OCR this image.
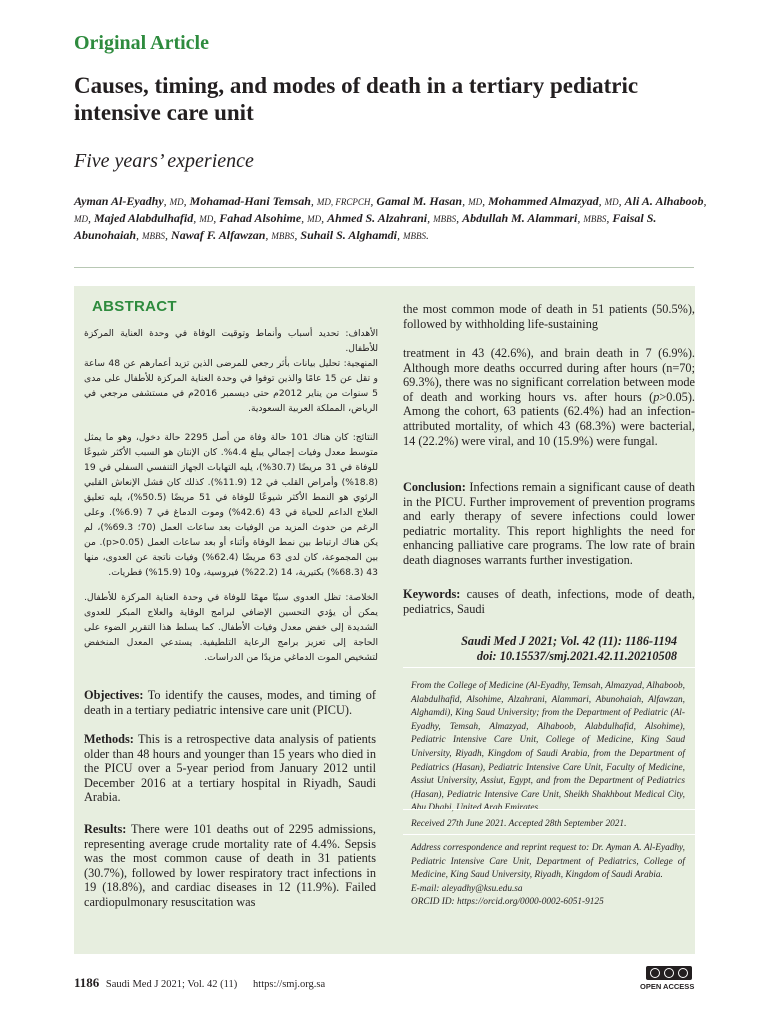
Original Article
Causes, timing, and modes of death in a tertiary pediatric intensive care unit
Five years’ experience
Ayman Al-Eyadhy, MD, Mohamad-Hani Temsah, MD, FRCPCH, Gamal M. Hasan, MD, Mohammed Almazyad, MD, Ali A. Alhaboob, MD, Majed Alabdulhafid, MD, Fahad Alsohime, MD, Ahmed S. Alzahrani, MBBS, Abdullah M. Alammari, MBBS, Faisal S. Abunohaiah, MBBS, Nawaf F. Alfawzan, MBBS, Suhail S. Alghamdi, MBBS.
ABSTRACT
الأهداف: تحديد أسباب وأنماط وتوقيت الوفاة في وحدة العناية المركزة للأطفال.
المنهجية: تحليل بيانات بأثر رجعي للمرضى الذين تزيد أعمارهم عن 48 ساعة و تقل عن 15 عامًا والذين توفوا في وحدة العناية المركزة للأطفال على مدى 5 سنوات من يناير 2012م حتى ديسمبر 2016م في مستشفى مرجعي في الرياض، المملكة العربية السعودية.
النتائج: كان هناك 101 حالة وفاة من أصل 2295 حالة دخول، وهو ما يمثل متوسط معدل وفيات إجمالي يبلغ 4.4%. كان الإنتان هو السبب الأكثر شيوعًا للوفاة في 31 مريضًا (30.7%)، يليه التهابات الجهاز التنفسي السفلي في 19 (18.8%) وأمراض القلب في 12 (11.9%). كذلك كان فشل الإنعاش القلبي الرئوي هو النمط الأكثر شيوعًا للوفاة في 51 مريضًا (50.5%)، يليه تعليق العلاج الداعم للحياة في 43 (42.6%) وموت الدماغ في 7 (6.9%). وعلى الرغم من حدوث المزيد من الوفيات بعد ساعات العمل (70؛ 69.3%)، لم يكن هناك ارتباط بين نمط الوفاة وأثناء أو بعد ساعات العمل (p>0.05). من بين المجموعة، كان لدى 63 مريضًا (62.4%) وفيات ناتجة عن العدوى، منها 43 (68.3%) بكتيرية، 14 (22.2%) فيروسية، و10 (15.9%) فطريات.
الخلاصة: تظل العدوى سببًا مهمًا للوفاة في وحدة العناية المركزة للأطفال. يمكن أن يؤدي التحسين الإضافي لبرامج الوقاية والعلاج المبكر للعدوى الشديدة إلى خفض معدل وفيات الأطفال. كما يسلط هذا التقرير الضوء على الحاجة إلى تعزيز برامج الرعاية التلطيفية. يستدعي المعدل المنخفض لتشخيص الموت الدماغي مزيدًا من الدراسات.
Objectives: To identify the causes, modes, and timing of death in a tertiary pediatric intensive care unit (PICU).
Methods: This is a retrospective data analysis of patients older than 48 hours and younger than 15 years who died in the PICU over a 5-year period from January 2012 until December 2016 at a tertiary hospital in Riyadh, Saudi Arabia.
Results: There were 101 deaths out of 2295 admissions, representing average crude mortality rate of 4.4%. Sepsis was the most common cause of death in 31 patients (30.7%), followed by lower respiratory tract infections in 19 (18.8%), and cardiac diseases in 12 (11.9%). Failed cardiopulmonary resuscitation was
the most common mode of death in 51 patients (50.5%), followed by withholding life-sustaining
treatment in 43 (42.6%), and brain death in 7 (6.9%). Although more deaths occurred during after hours (n=70; 69.3%), there was no significant correlation between mode of death and working hours vs. after hours (p>0.05). Among the cohort, 63 patients (62.4%) had an infection-attributed mortality, of which 43 (68.3%) were bacterial, 14 (22.2%) were viral, and 10 (15.9%) were fungal.
Conclusion: Infections remain a significant cause of death in the PICU. Further improvement of prevention programs and early therapy of severe infections could lower pediatric mortality. This report highlights the need for enhancing palliative care programs. The low rate of brain death diagnoses warrants further investigation.
Keywords: causes of death, infections, mode of death, pediatrics, Saudi
Saudi Med J 2021; Vol. 42 (11): 1186-1194
doi: 10.15537/smj.2021.42.11.20210508
From the College of Medicine (Al-Eyadhy, Temsah, Almazyad, Alhaboob, Alabdulhafid, Alsohime, Alzahrani, Alammari, Abunohaiah, Alfawzan, Alghamdi), King Saud University; from the Department of Pediatric (Al-Eyadhy, Temsah, Almazyad, Alhaboob, Alabdulhafid, Alsohime), Pediatric Intensive Care Unit, College of Medicine, King Saud University, Riyadh, Kingdom of Saudi Arabia, from the Department of Pediatrics (Hasan), Pediatric Intensive Care Unit, Faculty of Medicine, Assiut University, Assiut, Egypt, and from the Department of Pediatrics (Hasan), Pediatric Intensive Care Unit, Sheikh Shakhbout Medical City,
Received 27th June 2021. Accepted 28th September 2021.
Address correspondence and reprint request to: Dr. Ayman A. Al-Eyadhy, Pediatric Intensive Care Unit, Department of Pediatrics, College of Medicine, King Saud University, Riyadh, Kingdom of Saudi Arabia.
E-mail: aleyadhy@ksu.edu.sa
ORCID ID: https://orcid.org/0000-0002-6051-9125
1186 Saudi Med J 2021; Vol. 42 (11) https://smj.org.sa	OPEN ACCESS
